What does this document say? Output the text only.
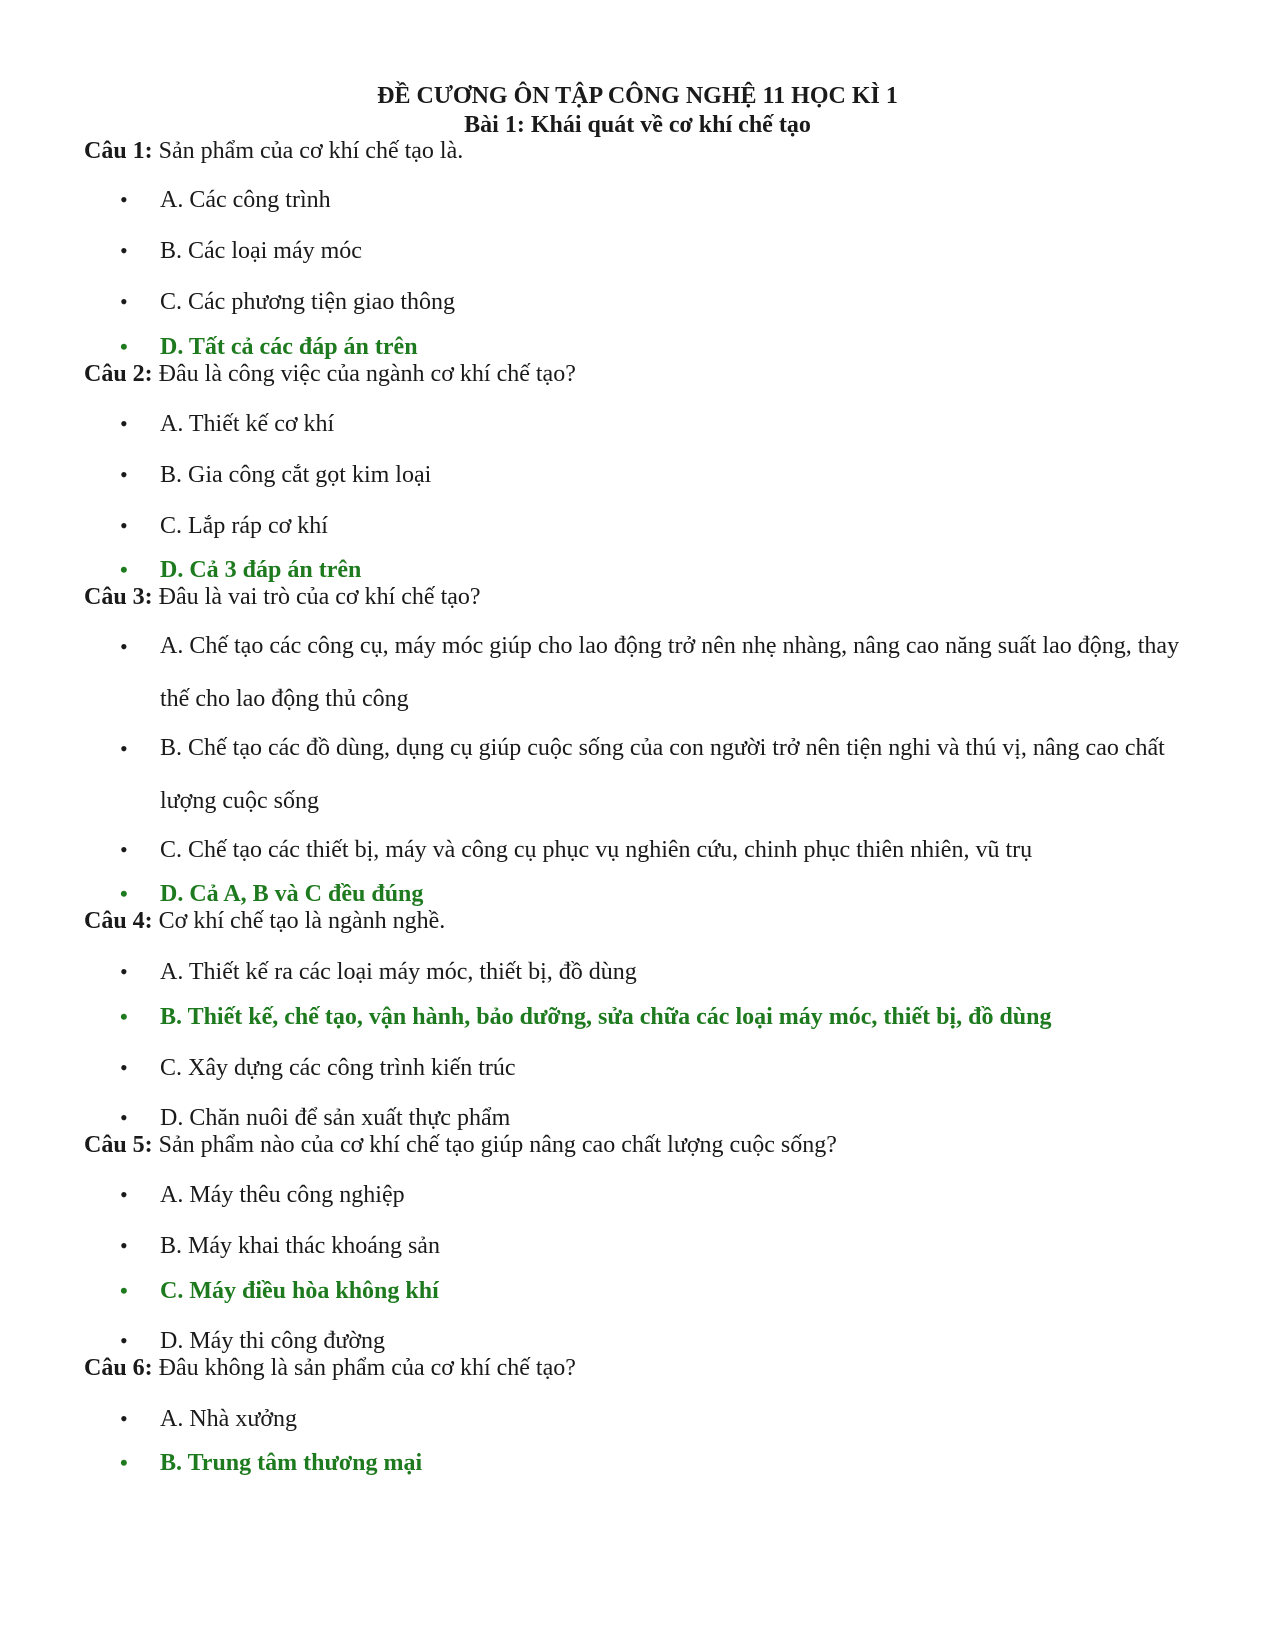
ĐỀ CƯƠNG ÔN TẬP CÔNG NGHỆ 11 HỌC KÌ 1
Bài 1: Khái quát về cơ khí chế tạo
Câu 1: Sản phẩm của cơ khí chế tạo là.
• A. Các công trình
• B. Các loại máy móc
• C. Các phương tiện giao thông
• D. Tất cả các đáp án trên
Câu 2: Đâu là công việc của ngành cơ khí chế tạo?
• A. Thiết kế cơ khí
• B. Gia công cắt gọt kim loại
• C. Lắp ráp cơ khí
• D. Cả 3 đáp án trên
Câu 3: Đâu là vai trò của cơ khí chế tạo?
• A. Chế tạo các công cụ, máy móc giúp cho lao động trở nên nhẹ nhàng, nâng cao năng suất lao động, thay thế cho lao động thủ công
• B. Chế tạo các đồ dùng, dụng cụ giúp cuộc sống của con người trở nên tiện nghi và thú vị, nâng cao chất lượng cuộc sống
• C. Chế tạo các thiết bị, máy và công cụ phục vụ nghiên cứu, chinh phục thiên nhiên, vũ trụ
• D. Cả A, B và C đều đúng
Câu 4: Cơ khí chế tạo là ngành nghề.
• A. Thiết kế ra các loại máy móc, thiết bị, đồ dùng
• B. Thiết kế, chế tạo, vận hành, bảo dưỡng, sửa chữa các loại máy móc, thiết bị, đồ dùng
• C. Xây dựng các công trình kiến trúc
• D. Chăn nuôi để sản xuất thực phẩm
Câu 5: Sản phẩm nào của cơ khí chế tạo giúp nâng cao chất lượng cuộc sống?
• A. Máy thêu công nghiệp
• B. Máy khai thác khoáng sản
• C. Máy điều hòa không khí
• D. Máy thi công đường
Câu 6: Đâu không là sản phẩm của cơ khí chế tạo?
• A. Nhà xưởng
• B. Trung tâm thương mại
